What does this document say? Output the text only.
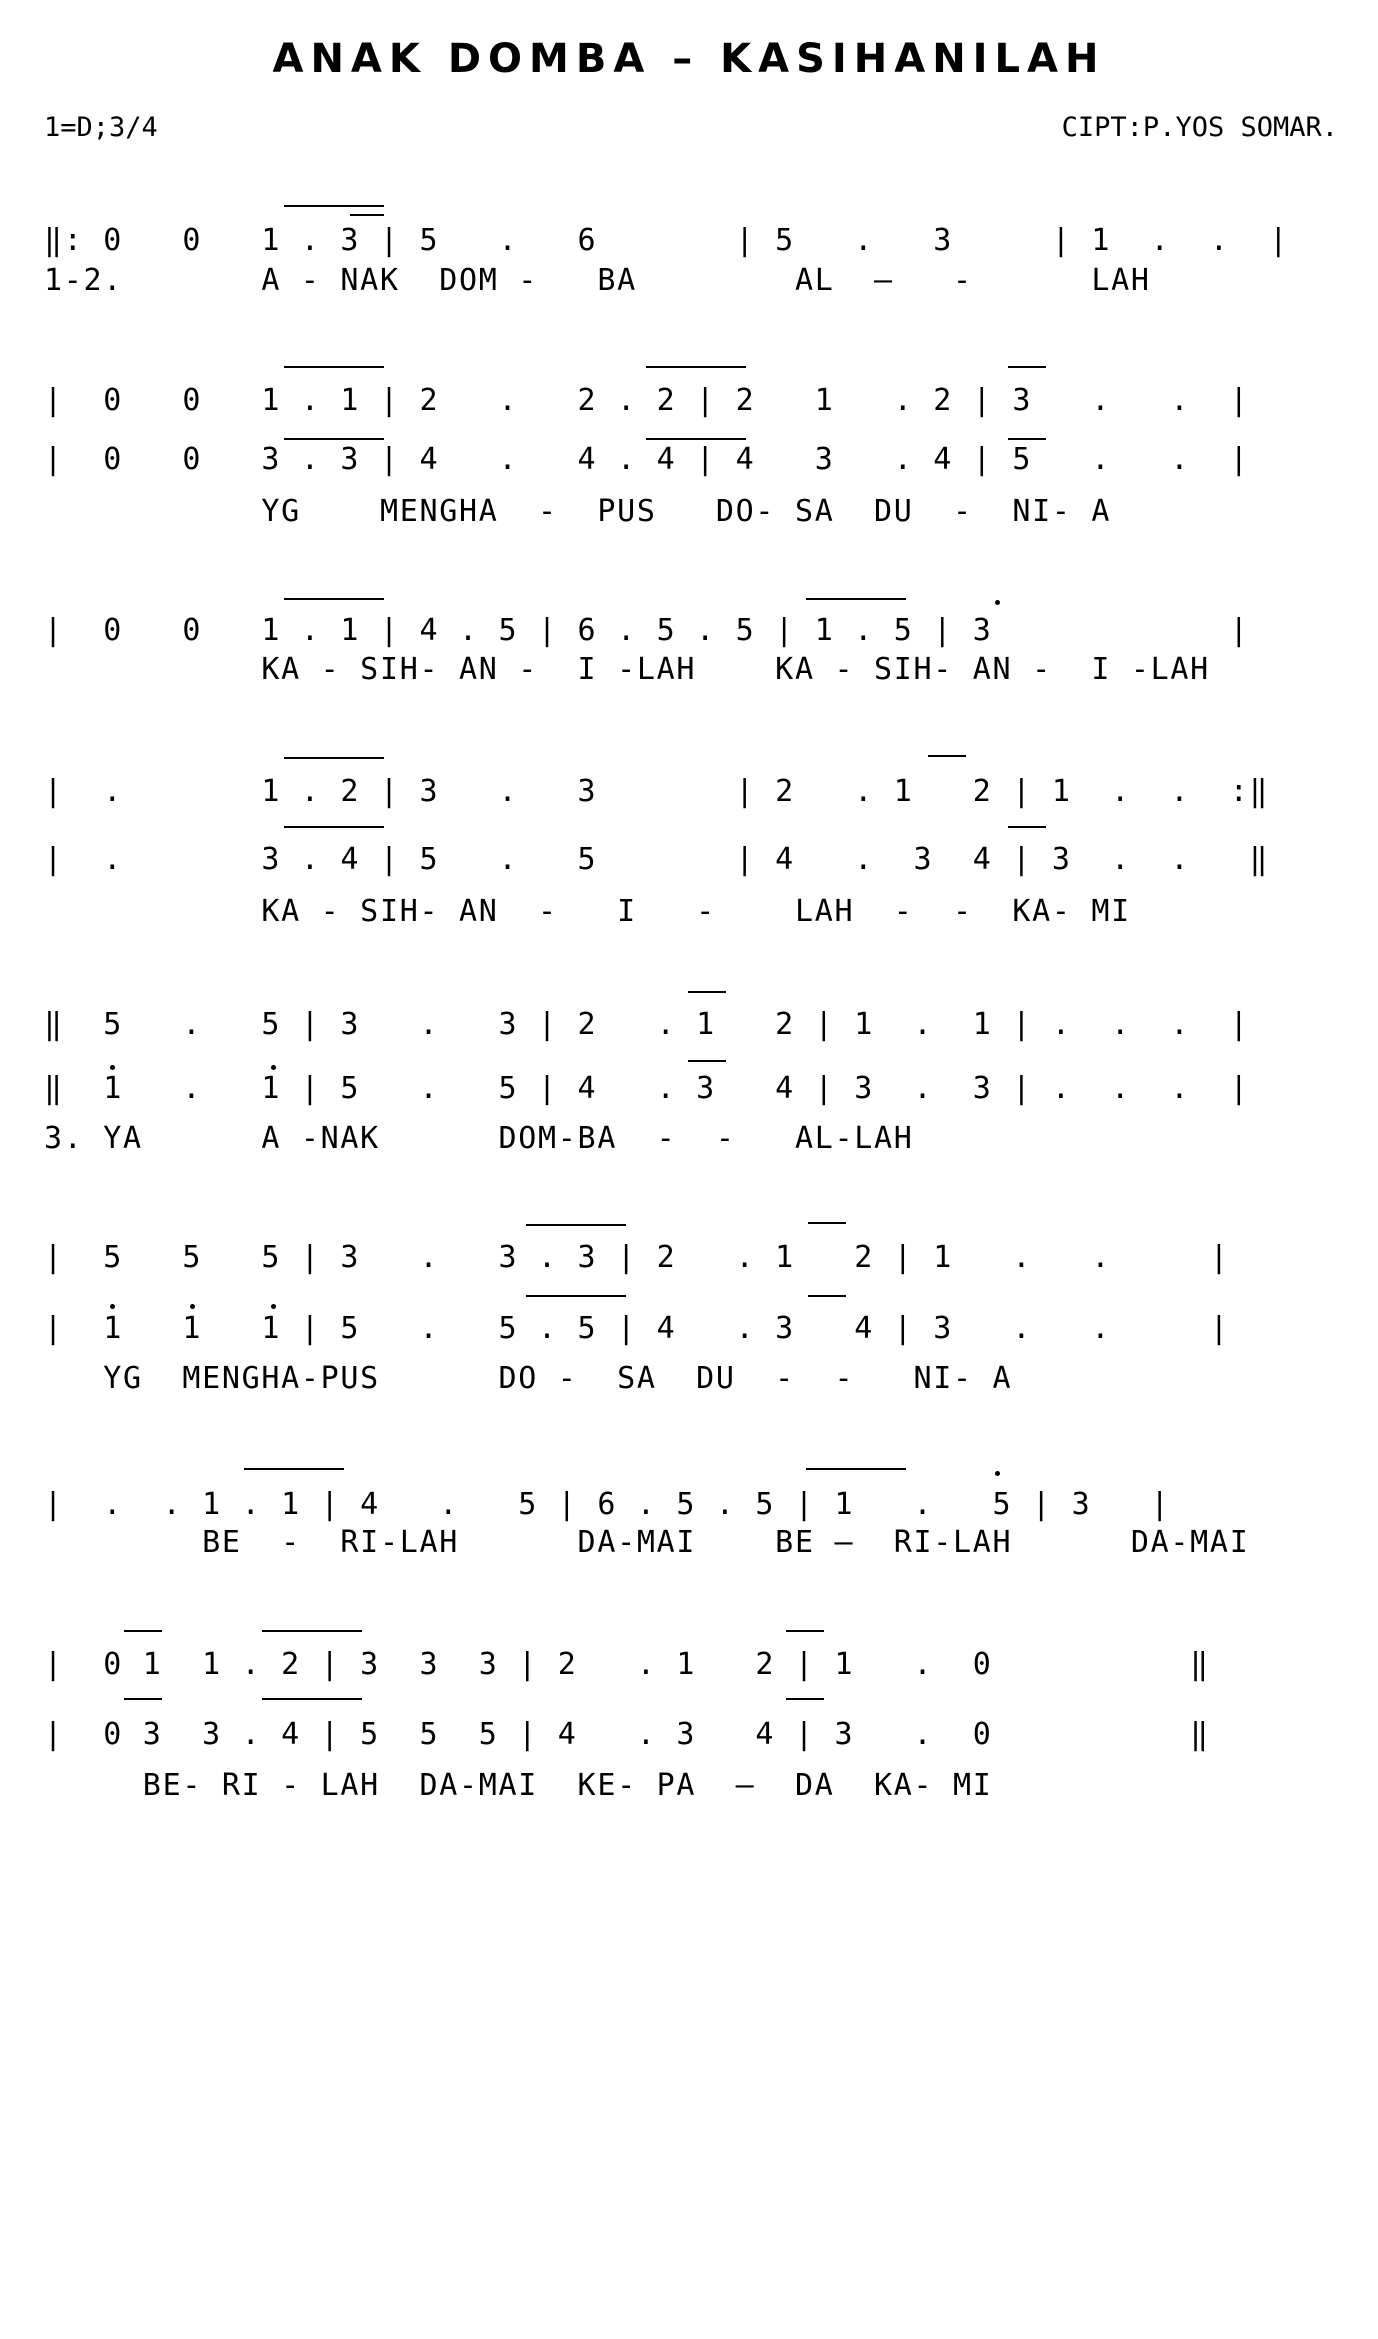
ANAK DOMBA – KASIHANILAH
1=D;3/4	CIPT:P.YOS SOMAR.
‖: 0   0   1 . 3 | 5   .   6       | 5   .   3     | 1  .  .  |
1-2.       A - NAK  DOM -   BA        AL  —   -      LAH
|  0   0   1 . 1 | 2   .   2 . 2 | 2   1   . 2 | 3   .   .  |
|  0   0   3 . 3 | 4   .   4 . 4 | 4   3   . 4 | 5   .   .  |
YG    MENGHA  -  PUS   DO- SA  DU  -  NI- A
|  0   0   1 . 1 | 4 . 5 | 6 . 5 . 5 | 1 . 5 | 3            |
KA - SIH- AN -  I -LAH    KA - SIH- AN -  I -LAH
|  .       1 . 2 | 3   .   3       | 2   . 1   2 | 1  .  .  :‖
|  .       3 . 4 | 5   .   5       | 4   .  3  4 | 3  .  .   ‖
KA - SIH- AN  -   I   -    LAH  -  -  KA- MI
‖  5   .   5 | 3   .   3 | 2   . 1   2 | 1  .  1 | .  .  .  |
‖  1   .   1 | 5   .   5 | 4   . 3   4 | 3  .  3 | .  .  .  |
3. YA      A -NAK      DOM-BA  -  -   AL-LAH
|  5   5   5 | 3   .   3 . 3 | 2   . 1   2 | 1   .   .     |
|  1   1   1 | 5   .   5 . 5 | 4   . 3   4 | 3   .   .     |
YG  MENGHA-PUS      DO -  SA  DU  -  -   NI- A
|  .  . 1 . 1 | 4   .   5 | 6 . 5 . 5 | 1   .   5 | 3   |
BE  -  RI-LAH      DA-MAI    BE —  RI-LAH      DA-MAI
|  0 1  1 . 2 | 3  3  3 | 2   . 1   2 | 1   .  0          ‖
|  0 3  3 . 4 | 5  5  5 | 4   . 3   4 | 3   .  0          ‖
BE- RI - LAH  DA-MAI  KE- PA  —  DA  KA- MI
